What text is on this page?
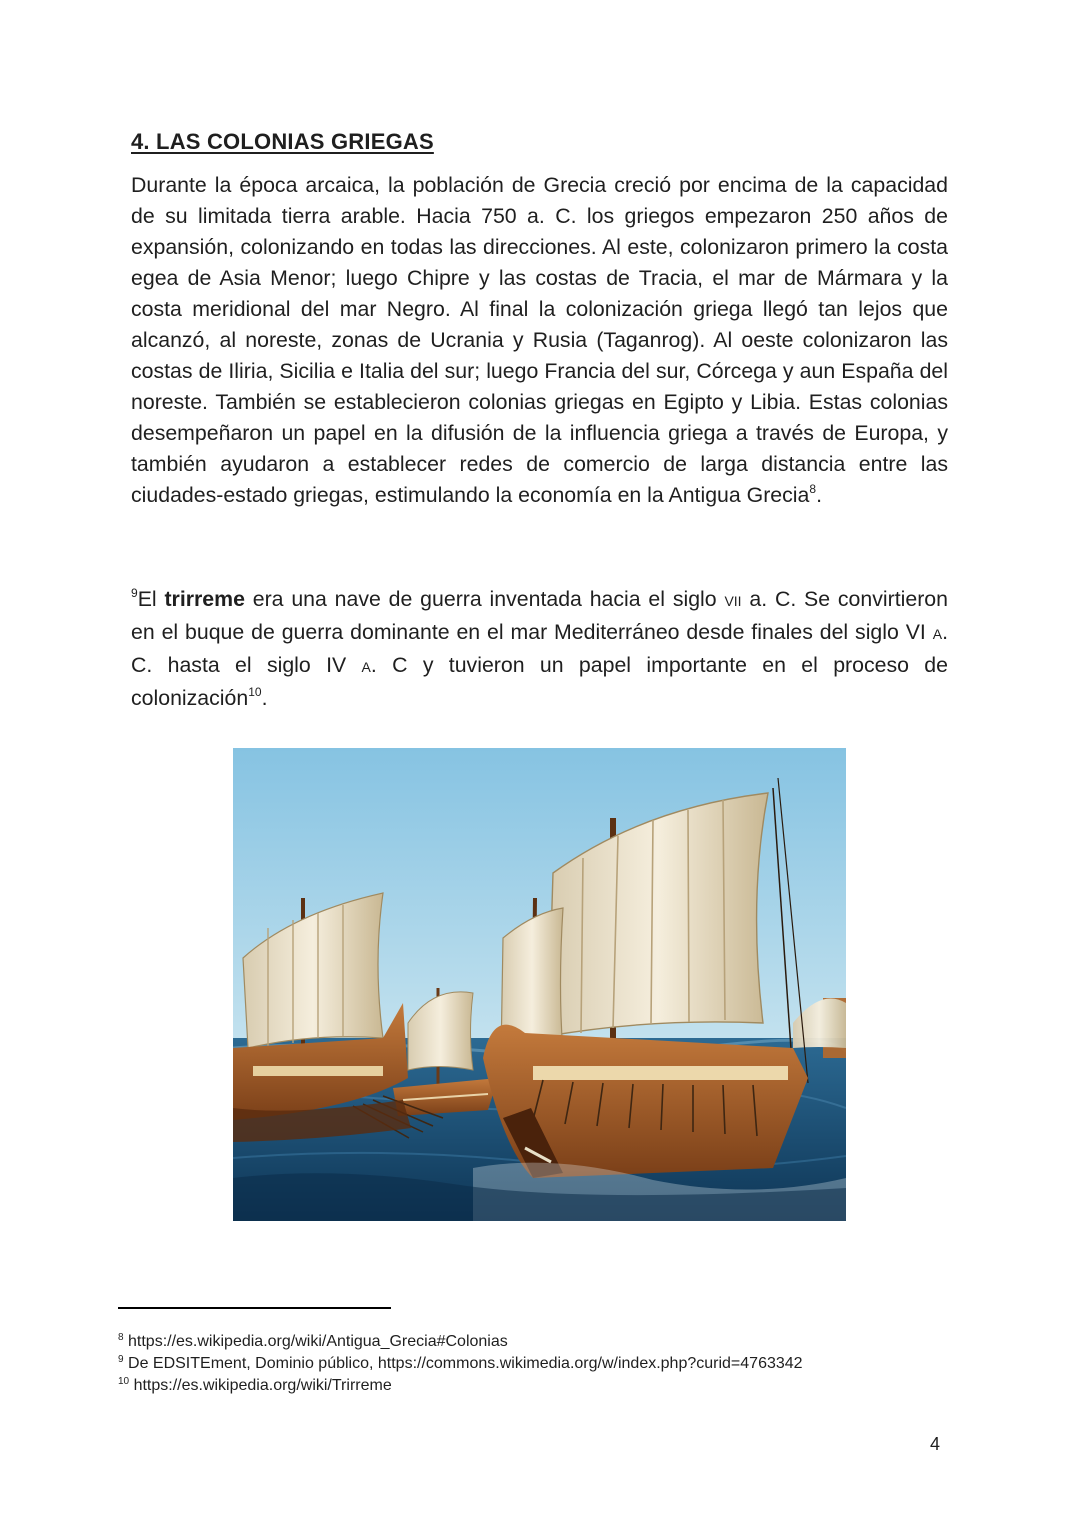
4. LAS COLONIAS GRIEGAS

Durante la época arcaica, la población de Grecia creció por encima de la capacidad de su limitada tierra arable. Hacia 750 a. C. los griegos empezaron 250 años de expansión, colonizando en todas las direcciones. Al este, colonizaron primero la costa egea de Asia Menor; luego Chipre y las costas de Tracia, el mar de Mármara y la costa meridional del mar Negro. Al final la colonización griega llegó tan lejos que alcanzó, al noreste, zonas de Ucrania y Rusia (Taganrog). Al oeste colonizaron las costas de Iliria, Sicilia e Italia del sur; luego Francia del sur, Córcega y aun España del noreste. También se establecieron colonias griegas en Egipto y Libia. Estas colonias desempeñaron un papel en la difusión de la influencia griega a través de Europa, y también ayudaron a establecer redes de comercio de larga distancia entre las ciudades-estado griegas, estimulando la economía en la Antigua Grecia$^8$.

$^9$El trirreme era una nave de guerra inventada hacia el siglo VII a. C. Se convirtieron en el buque de guerra dominante en el mar Mediterráneo desde finales del siglo VI A. C. hasta el siglo IV A. C y tuvieron un papel importante en el proceso de colonización$^{10}$.

$^8$ https://es.wikipedia.org/wiki/Antigua_Grecia#Colonias
$^9$ De EDSITEment, Dominio público, https://commons.wikimedia.org/w/index.php?curid=4763342
$^{10}$ https://es.wikipedia.org/wiki/Trirreme
4
